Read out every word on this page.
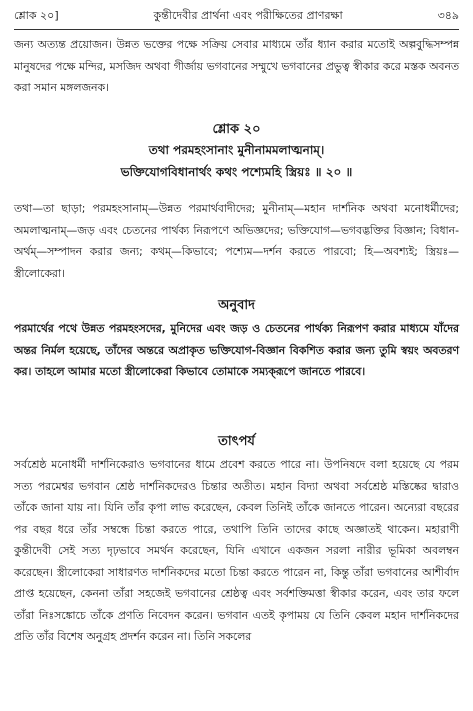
শ্লোক ২০]	কুন্তীদেবীর প্রার্থনা এবং পরীক্ষিতের প্রাণরক্ষা	৩৪৯

জন্য অত্যন্ত প্রয়োজন। উন্নত ভক্তের পক্ষে সক্রিয় সেবার মাধ্যমে তাঁর ধ্যান করার মতোই অল্পবুদ্ধিসম্পন্ন মানুষদের পক্ষে মন্দির, মসজিদ অথবা গীর্জায় ভগবানের সম্মুখে ভগবানের প্রভুত্ব স্বীকার করে মস্তক অবনত করা সমান মঙ্গলজনক।

শ্লোক ২০
তথা পরমহংসানাং মুনীনামমলাত্মনাম্।
ভক্তিযোগবিধানার্থং কথং পশ্যেমহি স্ত্রিয়ঃ ॥ ২০ ॥

তথা—তা ছাড়া; পরমহংসানাম্—উন্নত পরমার্থবাদীদের; মুনীনাম্—মহান দার্শনিক অথবা মনোধর্মীদের; অমলাত্মনাম্—জড় এবং চেতনের পার্থক্য নিরূপণে অভিজ্ঞদের; ভক্তিযোগ—ভগবদ্ভক্তির বিজ্ঞান; বিধান-অর্থম্—সম্পাদন করার জন্য; কথম্—কিভাবে; পশ্যেম—দর্শন করতে পারবো; হি—অবশ্যই; স্ত্রিয়ঃ—স্ত্রীলোকেরা।

অনুবাদ

পরমার্থের পথে উন্নত পরমহংসদের, মুনিদের এবং জড় ও চেতনের পার্থক্য নিরূপণ করার মাধ্যমে যাঁদের অন্তর নির্মল হয়েছে, তাঁদের অন্তরে অপ্রাকৃত ভক্তিযোগ-বিজ্ঞান বিকশিত করার জন্য তুমি স্বয়ং অবতরণ কর। তাহলে আমার মতো স্ত্রীলোকেরা কিভাবে তোমাকে সম্যক্‌রূপে জানতে পারবে।

তাৎপর্য

সর্বশ্রেষ্ঠ মনোধর্মী দার্শনিকেরাও ভগবানের ধামে প্রবেশ করতে পারে না। উপনিষদে বলা হয়েছে যে পরম সত্য পরমেশ্বর ভগবান শ্রেষ্ঠ দার্শনিকদেরও চিন্তার অতীত। মহান বিদ্যা অথবা সর্বশ্রেষ্ঠ মস্তিষ্কের দ্বারাও তাঁকে জানা যায় না। যিনি তাঁর কৃপা লাভ করেছেন, কেবল তিনিই তাঁকে জানতে পারেন। অন্যেরা বছরের পর বছর ধরে তাঁর সম্বন্ধে চিন্তা করতে পারে, তথাপি তিনি তাদের কাছে অজ্ঞাতই থাকেন। মহারাণী কুন্তীদেবী সেই সত্য দৃঢ়ভাবে সমর্থন করেছেন, যিনি এখানে একজন সরলা নারীর ভূমিকা অবলম্বন করেছেন। স্ত্রীলোকেরা সাধারণত দার্শনিকদের মতো চিন্তা করতে পারেন না, কিন্তু তাঁরা ভগবানের আশীর্বাদ প্রাপ্ত হয়েছেন, কেননা তাঁরা সহজেই ভগবানের শ্রেষ্ঠত্ব এবং সর্বশক্তিমত্তা স্বীকার করেন, এবং তার ফলে তাঁরা নিঃসঙ্কোচে তাঁকে প্রণতি নিবেদন করেন। ভগবান এতই কৃপাময় যে তিনি কেবল মহান দার্শনিকদের প্রতি তাঁর বিশেষ অনুগ্রহ প্রদর্শন করেন না। তিনি সকলের
